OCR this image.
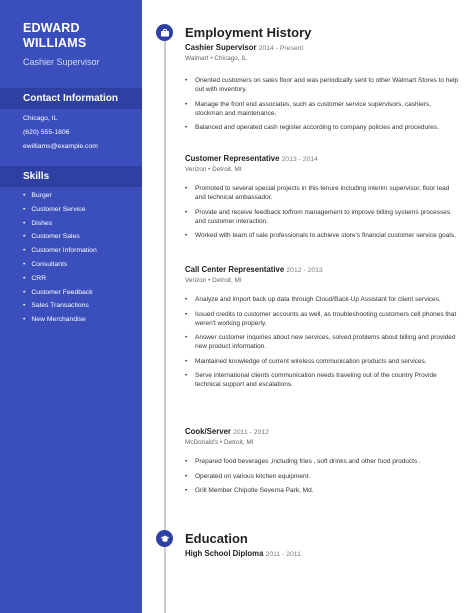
EDWARD
WILLIAMS
Cashier Supervisor
Contact Information
Chicago, IL
(620) 555-1806
ewilliams@example.com
Skills
• Burger
• Customer Service
• Dishes
• Customer Sales
• Customer Information
• Consultants
• CRR
• Customer Feedback
• Sales Transactions
• New Merchandise
Employment History
Cashier Supervisor 2014 - Present
Walmart • Chicago, IL
• Oriented customers on sales floor and was periodically sent to other Walmart Stores to help out with inventory.
• Manage the front end associates, such as customer service supervisors, cashiers, stockman and maintenance.
• Balanced and operated cash register according to company policies and procedures.
Customer Representative 2013 - 2014
Verizon • Detroit, MI
• Promoted to several special projects in this tenure including interim supervisor, floor lead and technical ambassador.
• Provide and receive feedback to/from management to improve billing systems processes and customer interaction.
• Worked with team of sale professionals to achieve store's financial customer service goals.
Call Center Representative 2012 - 2013
Verizon • Detroit, MI
• Analyze and import back up data through Cloud/Back-Up Assistant for client services.
• Issued credits to customer accounts as well, as troubleshooting customers cell phones that weren't working properly.
• Answer customer inquiries about new services, solved problems about billing and provided new product information.
• Maintained knowledge of current wireless communication products and services.
• Serve international clients communication needs traveling out of the country Provide technical support and escalations.
Cook/Server 2011 - 2012
McDonald's • Detroit, MI
• Prepared food beverages ,including fries , soft drinks and other food products .
• Operated on various kitchen equipment.
• Grill Member Chipotle Severna Park, Md.
Education
High School Diploma 2011 - 2011
